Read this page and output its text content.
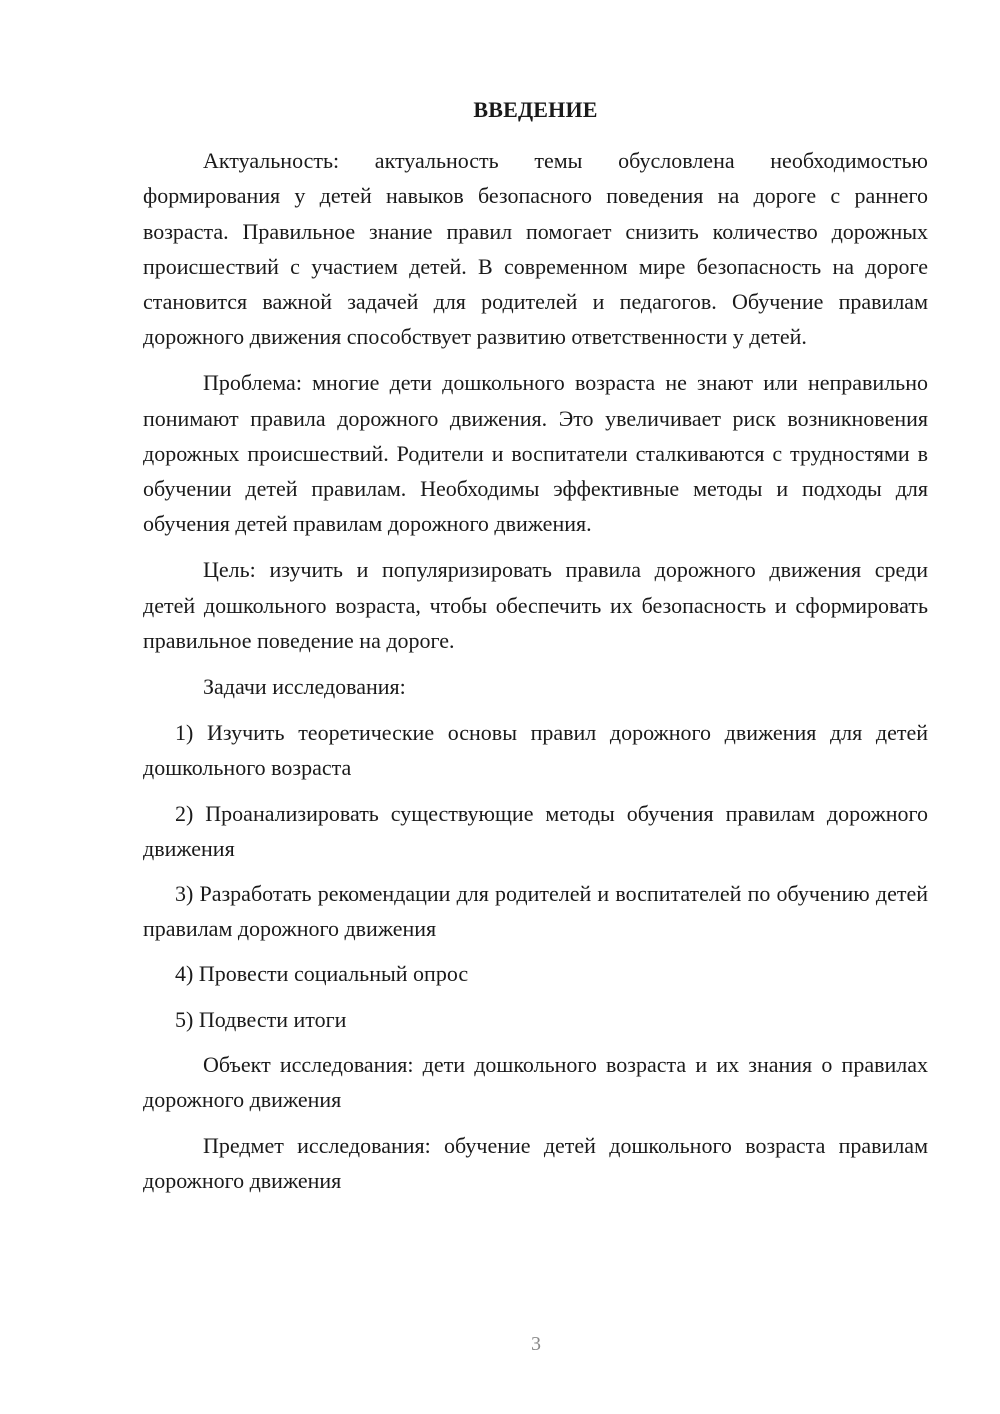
ВВЕДЕНИЕ

Актуальность: актуальность темы обусловлена необходимостью формирования у детей навыков безопасного поведения на дороге с раннего возраста. Правильное знание правил помогает снизить количество дорожных происшествий с участием детей. В современном мире безопасность на дороге становится важной задачей для родителей и педагогов. Обучение правилам дорожного движения способствует развитию ответственности у детей.

Проблема: многие дети дошкольного возраста не знают или неправильно понимают правила дорожного движения. Это увеличивает риск возникновения дорожных происшествий. Родители и воспитатели сталкиваются с трудностями в обучении детей правилам. Необходимы эффективные методы и подходы для обучения детей правилам дорожного движения.

Цель: изучить и популяризировать правила дорожного движения среди детей дошкольного возраста, чтобы обеспечить их безопасность и сформировать правильное поведение на дороге.

Задачи исследования:

1) Изучить теоретические основы правил дорожного движения для детей дошкольного возраста

2) Проанализировать существующие методы обучения правилам дорожного движения

3) Разработать рекомендации для родителей и воспитателей по обучению детей правилам дорожного движения

4) Провести социальный опрос

5) Подвести итоги

Объект исследования: дети дошкольного возраста и их знания о правилах дорожного движения

Предмет исследования: обучение детей дошкольного возраста правилам дорожного движения

3
